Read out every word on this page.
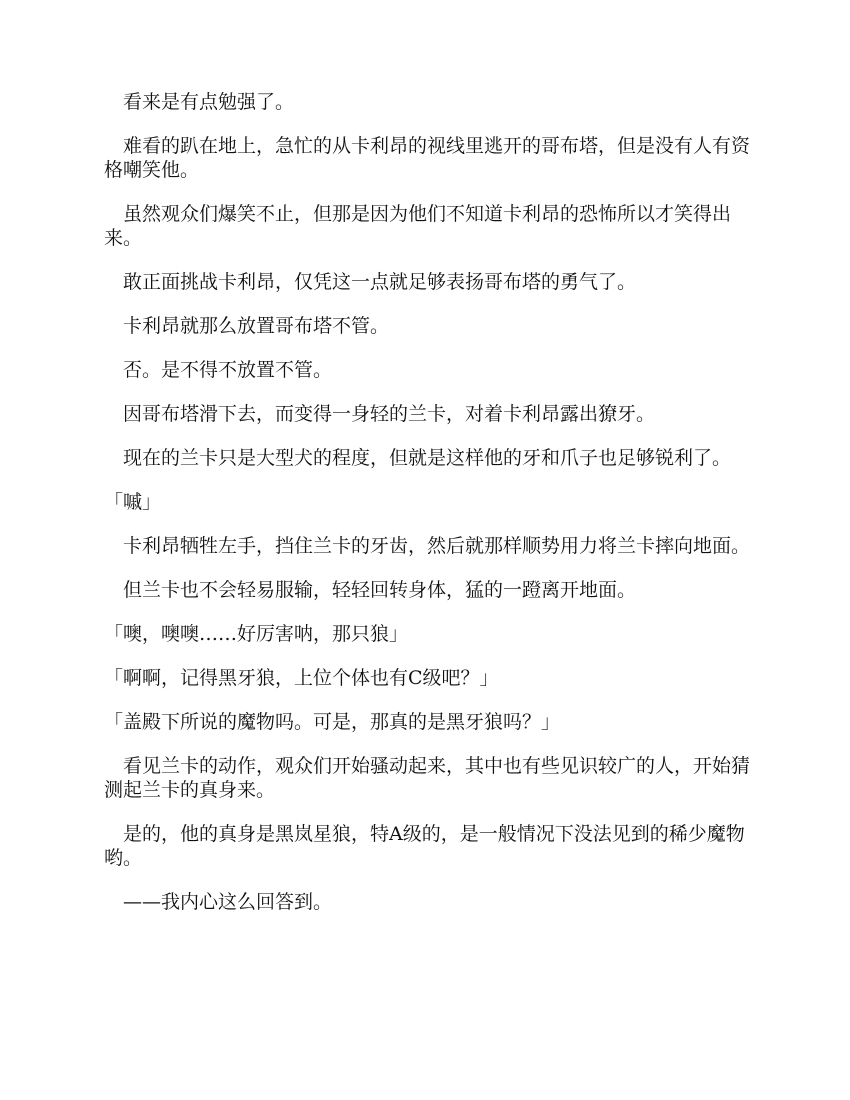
看来是有点勉强了。

难看的趴在地上，急忙的从卡利昂的视线里逃开的哥布塔，但是没有人有资格嘲笑他。

虽然观众们爆笑不止，但那是因为他们不知道卡利昂的恐怖所以才笑得出来。

敢正面挑战卡利昂，仅凭这一点就足够表扬哥布塔的勇气了。

卡利昂就那么放置哥布塔不管。

否。是不得不放置不管。

因哥布塔滑下去，而变得一身轻的兰卡，对着卡利昂露出獠牙。

现在的兰卡只是大型犬的程度，但就是这样他的牙和爪子也足够锐利了。

「嘁」

卡利昂牺牲左手，挡住兰卡的牙齿，然后就那样顺势用力将兰卡摔向地面。

但兰卡也不会轻易服输，轻轻回转身体，猛的一蹬离开地面。

「噢，噢噢……好厉害呐，那只狼」

「啊啊，记得黑牙狼，上位个体也有C级吧？」

「盖殿下所说的魔物吗。可是，那真的是黑牙狼吗？」

看见兰卡的动作，观众们开始骚动起来，其中也有些见识较广的人，开始猜测起兰卡的真身来。

是的，他的真身是黑岚星狼，特A级的，是一般情况下没法见到的稀少魔物哟。

——我内心这么回答到。
